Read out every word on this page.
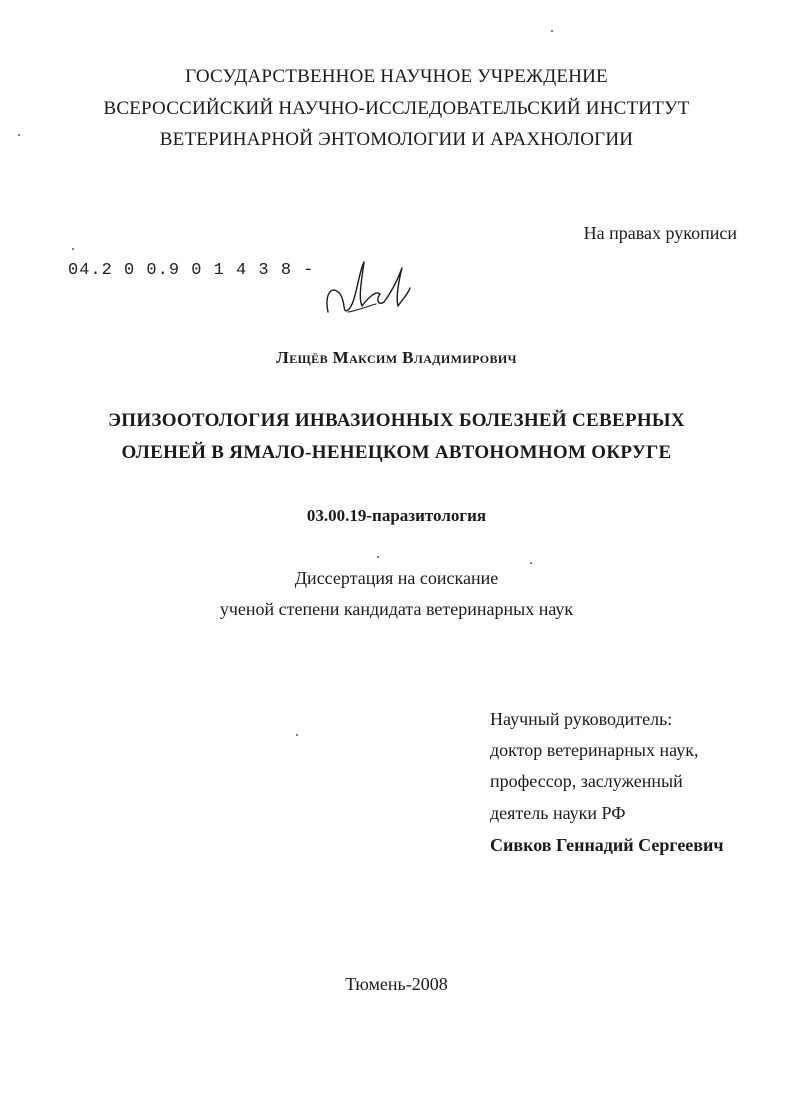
ГОСУДАРСТВЕННОЕ НАУЧНОЕ УЧРЕЖДЕНИЕ
ВСЕРОССИЙСКИЙ НАУЧНО-ИССЛЕДОВАТЕЛЬСКИЙ ИНСТИТУТ
ВЕТЕРИНАРНОЙ ЭНТОМОЛОГИИ И АРАХНОЛОГИИ
На правах рукописи
04.2 0 0.9 0 1 4 3 8 -
Лещёв Максим Владимирович
ЭПИЗООТОЛОГИЯ ИНВАЗИОННЫХ БОЛЕЗНЕЙ СЕВЕРНЫХ
ОЛЕНЕЙ В ЯМАЛО-НЕНЕЦКОМ АВТОНОМНОМ ОКРУГЕ
03.00.19-паразитология
Диссертация на соискание
ученой степени кандидата ветеринарных наук
Научный руководитель:
доктор ветеринарных наук,
профессор, заслуженный
деятель науки РФ
Сивков Геннадий Сергеевич
Тюмень-2008
